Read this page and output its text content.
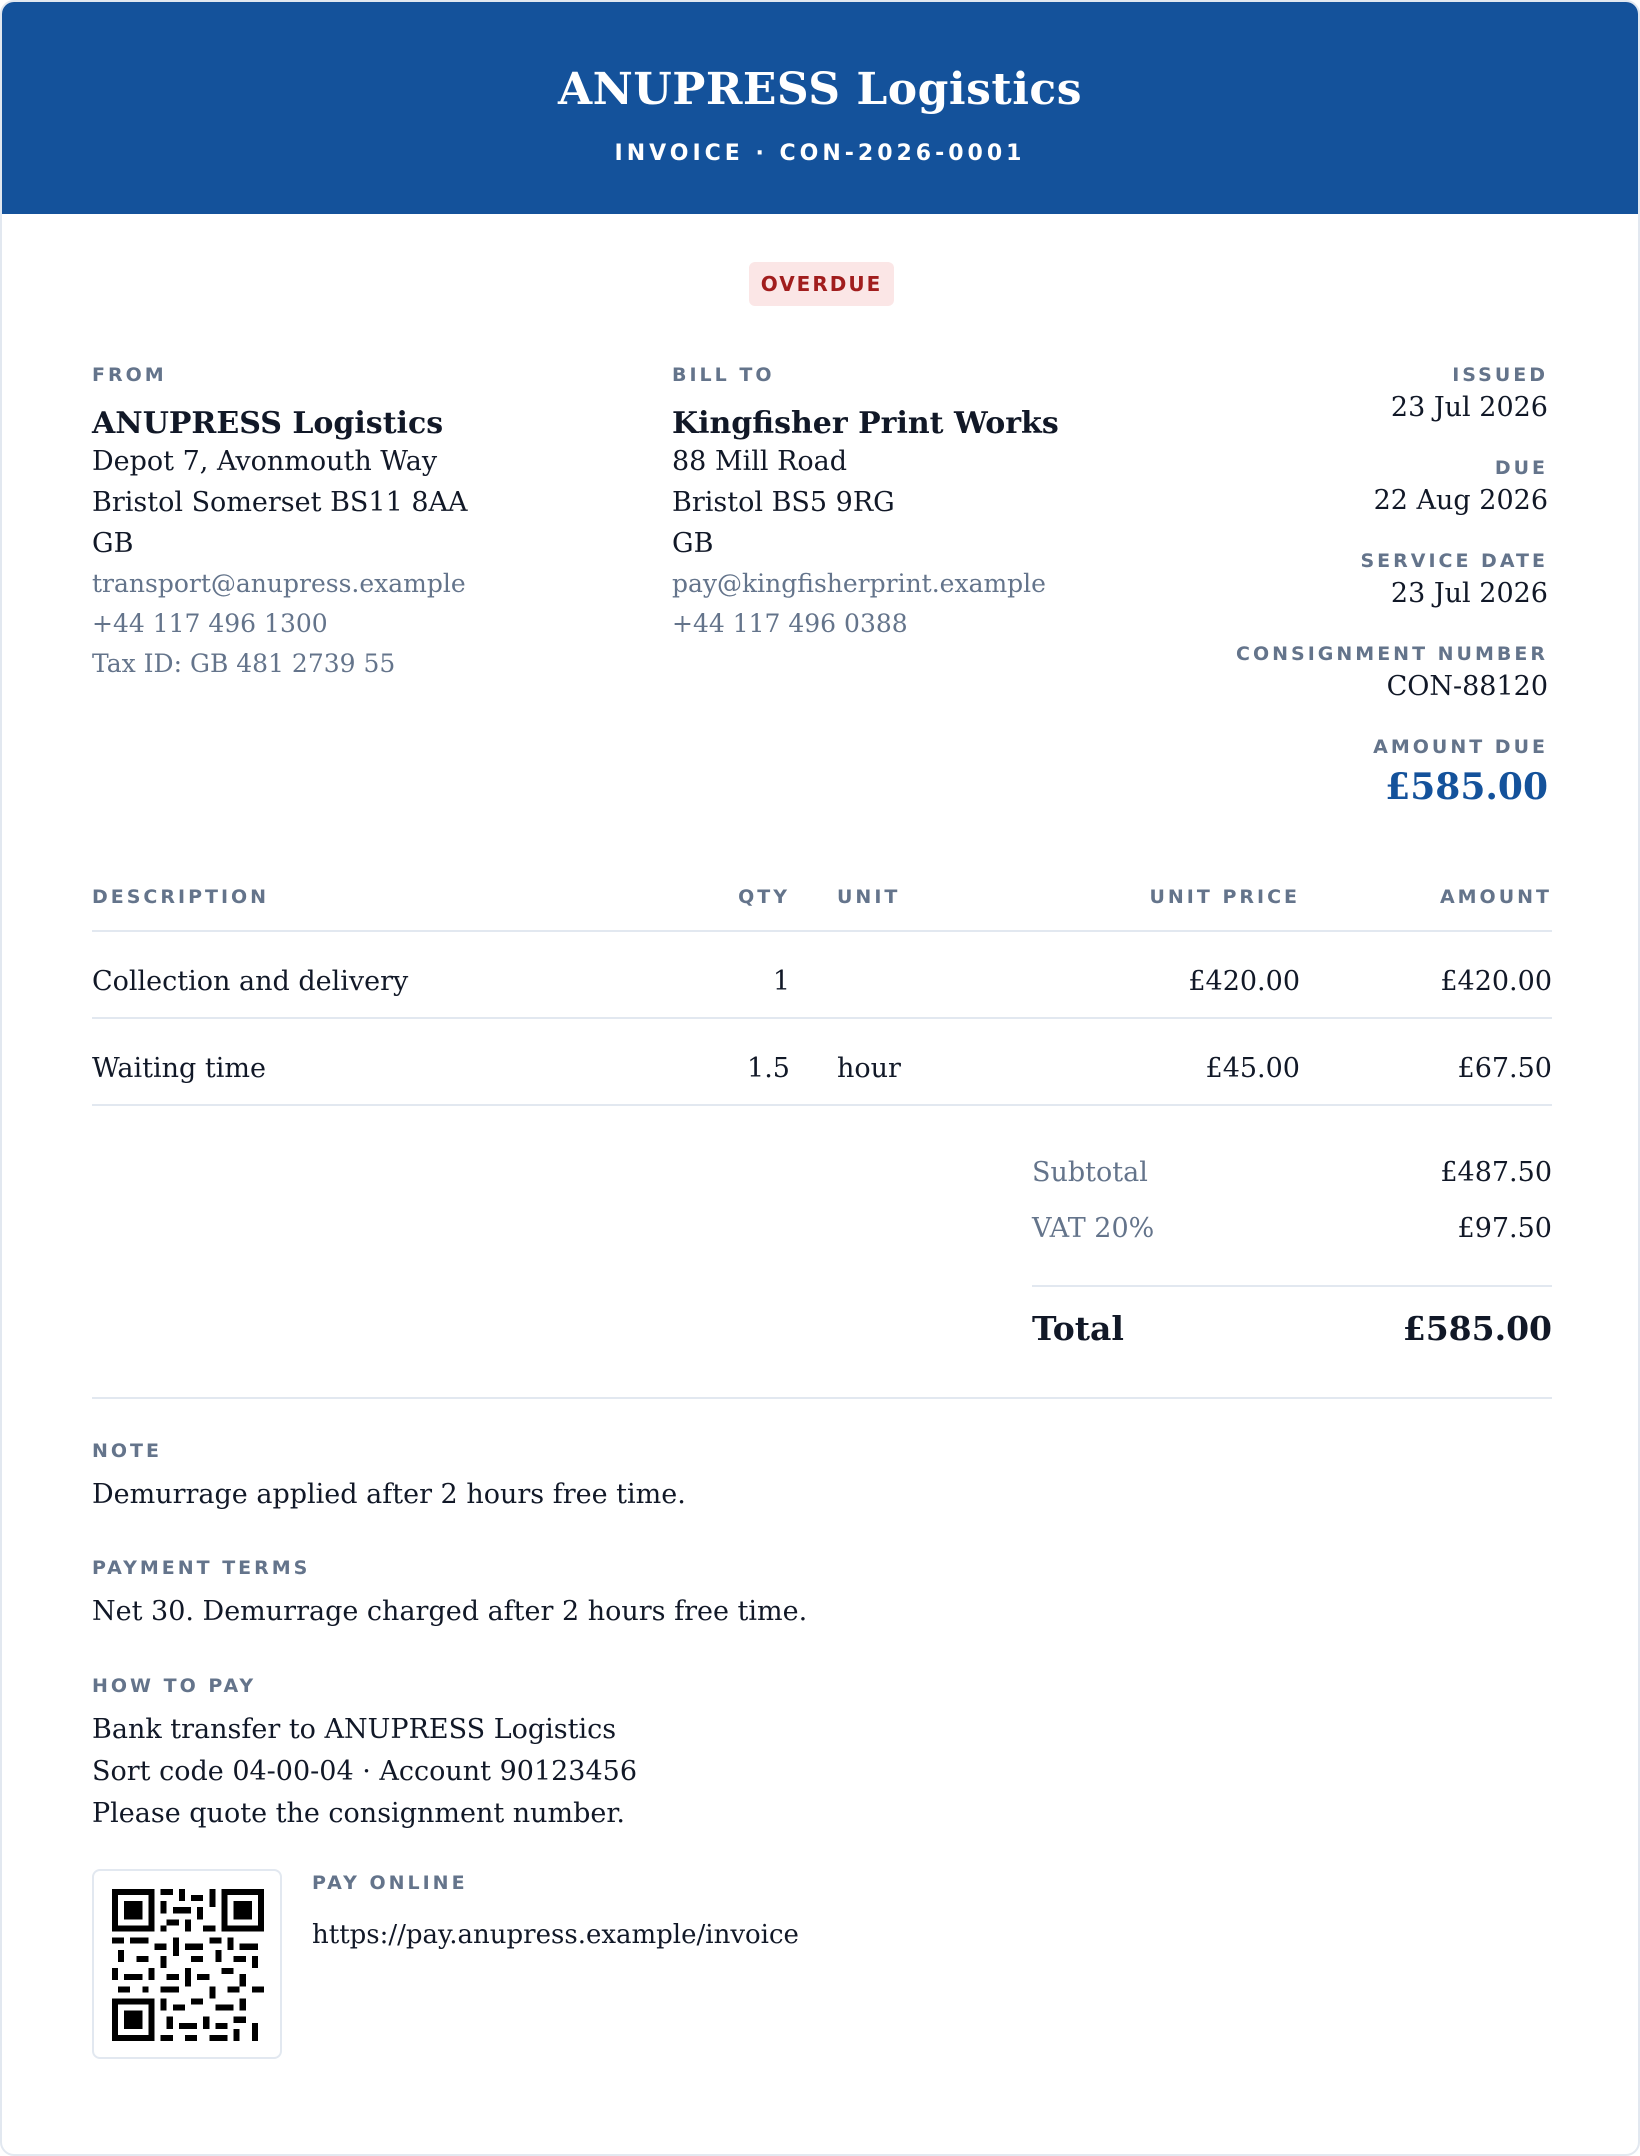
ANUPRESS Logistics
INVOICE · CON-2026-0001
OVERDUE
FROM
ANUPRESS Logistics
Depot 7, Avonmouth Way
Bristol Somerset BS11 8AA
GB
transport@anupress.example
+44 117 496 1300
Tax ID: GB 481 2739 55
BILL TO
Kingfisher Print Works
88 Mill Road
Bristol BS5 9RG
GB
pay@kingfisherprint.example
+44 117 496 0388
ISSUED
23 Jul 2026
DUE
22 Aug 2026
SERVICE DATE
23 Jul 2026
CONSIGNMENT NUMBER
CON-88120
AMOUNT DUE
£585.00
DESCRIPTION	QTY UNIT	UNIT PRICE	AMOUNT
Collection and delivery	1	£420.00	£420.00
Waiting time	1.5 hour	£45.00	£67.50
Subtotal	£487.50
VAT 20%	£97.50
Total	£585.00
NOTE
Demurrage applied after 2 hours free time.
PAYMENT TERMS
Net 30. Demurrage charged after 2 hours free time.
HOW TO PAY
Bank transfer to ANUPRESS Logistics
Sort code 04-00-04 · Account 90123456
Please quote the consignment number.
PAY ONLINE
https://pay.anupress.example/invoice
